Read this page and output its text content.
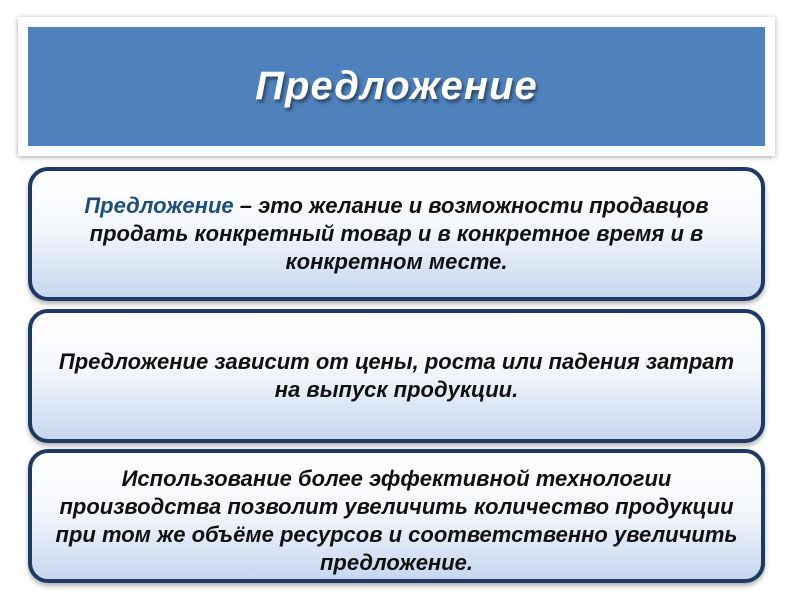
Предложение
Предложение – это желание и возможности продавцов продать конкретный товар и в конкретное время и в конкретном месте.
Предложение зависит от цены, роста или падения затрат на выпуск продукции.
Использование более эффективной технологии производства позволит увеличить количество продукции при том же объёме ресурсов и соответственно увеличить предложение.
